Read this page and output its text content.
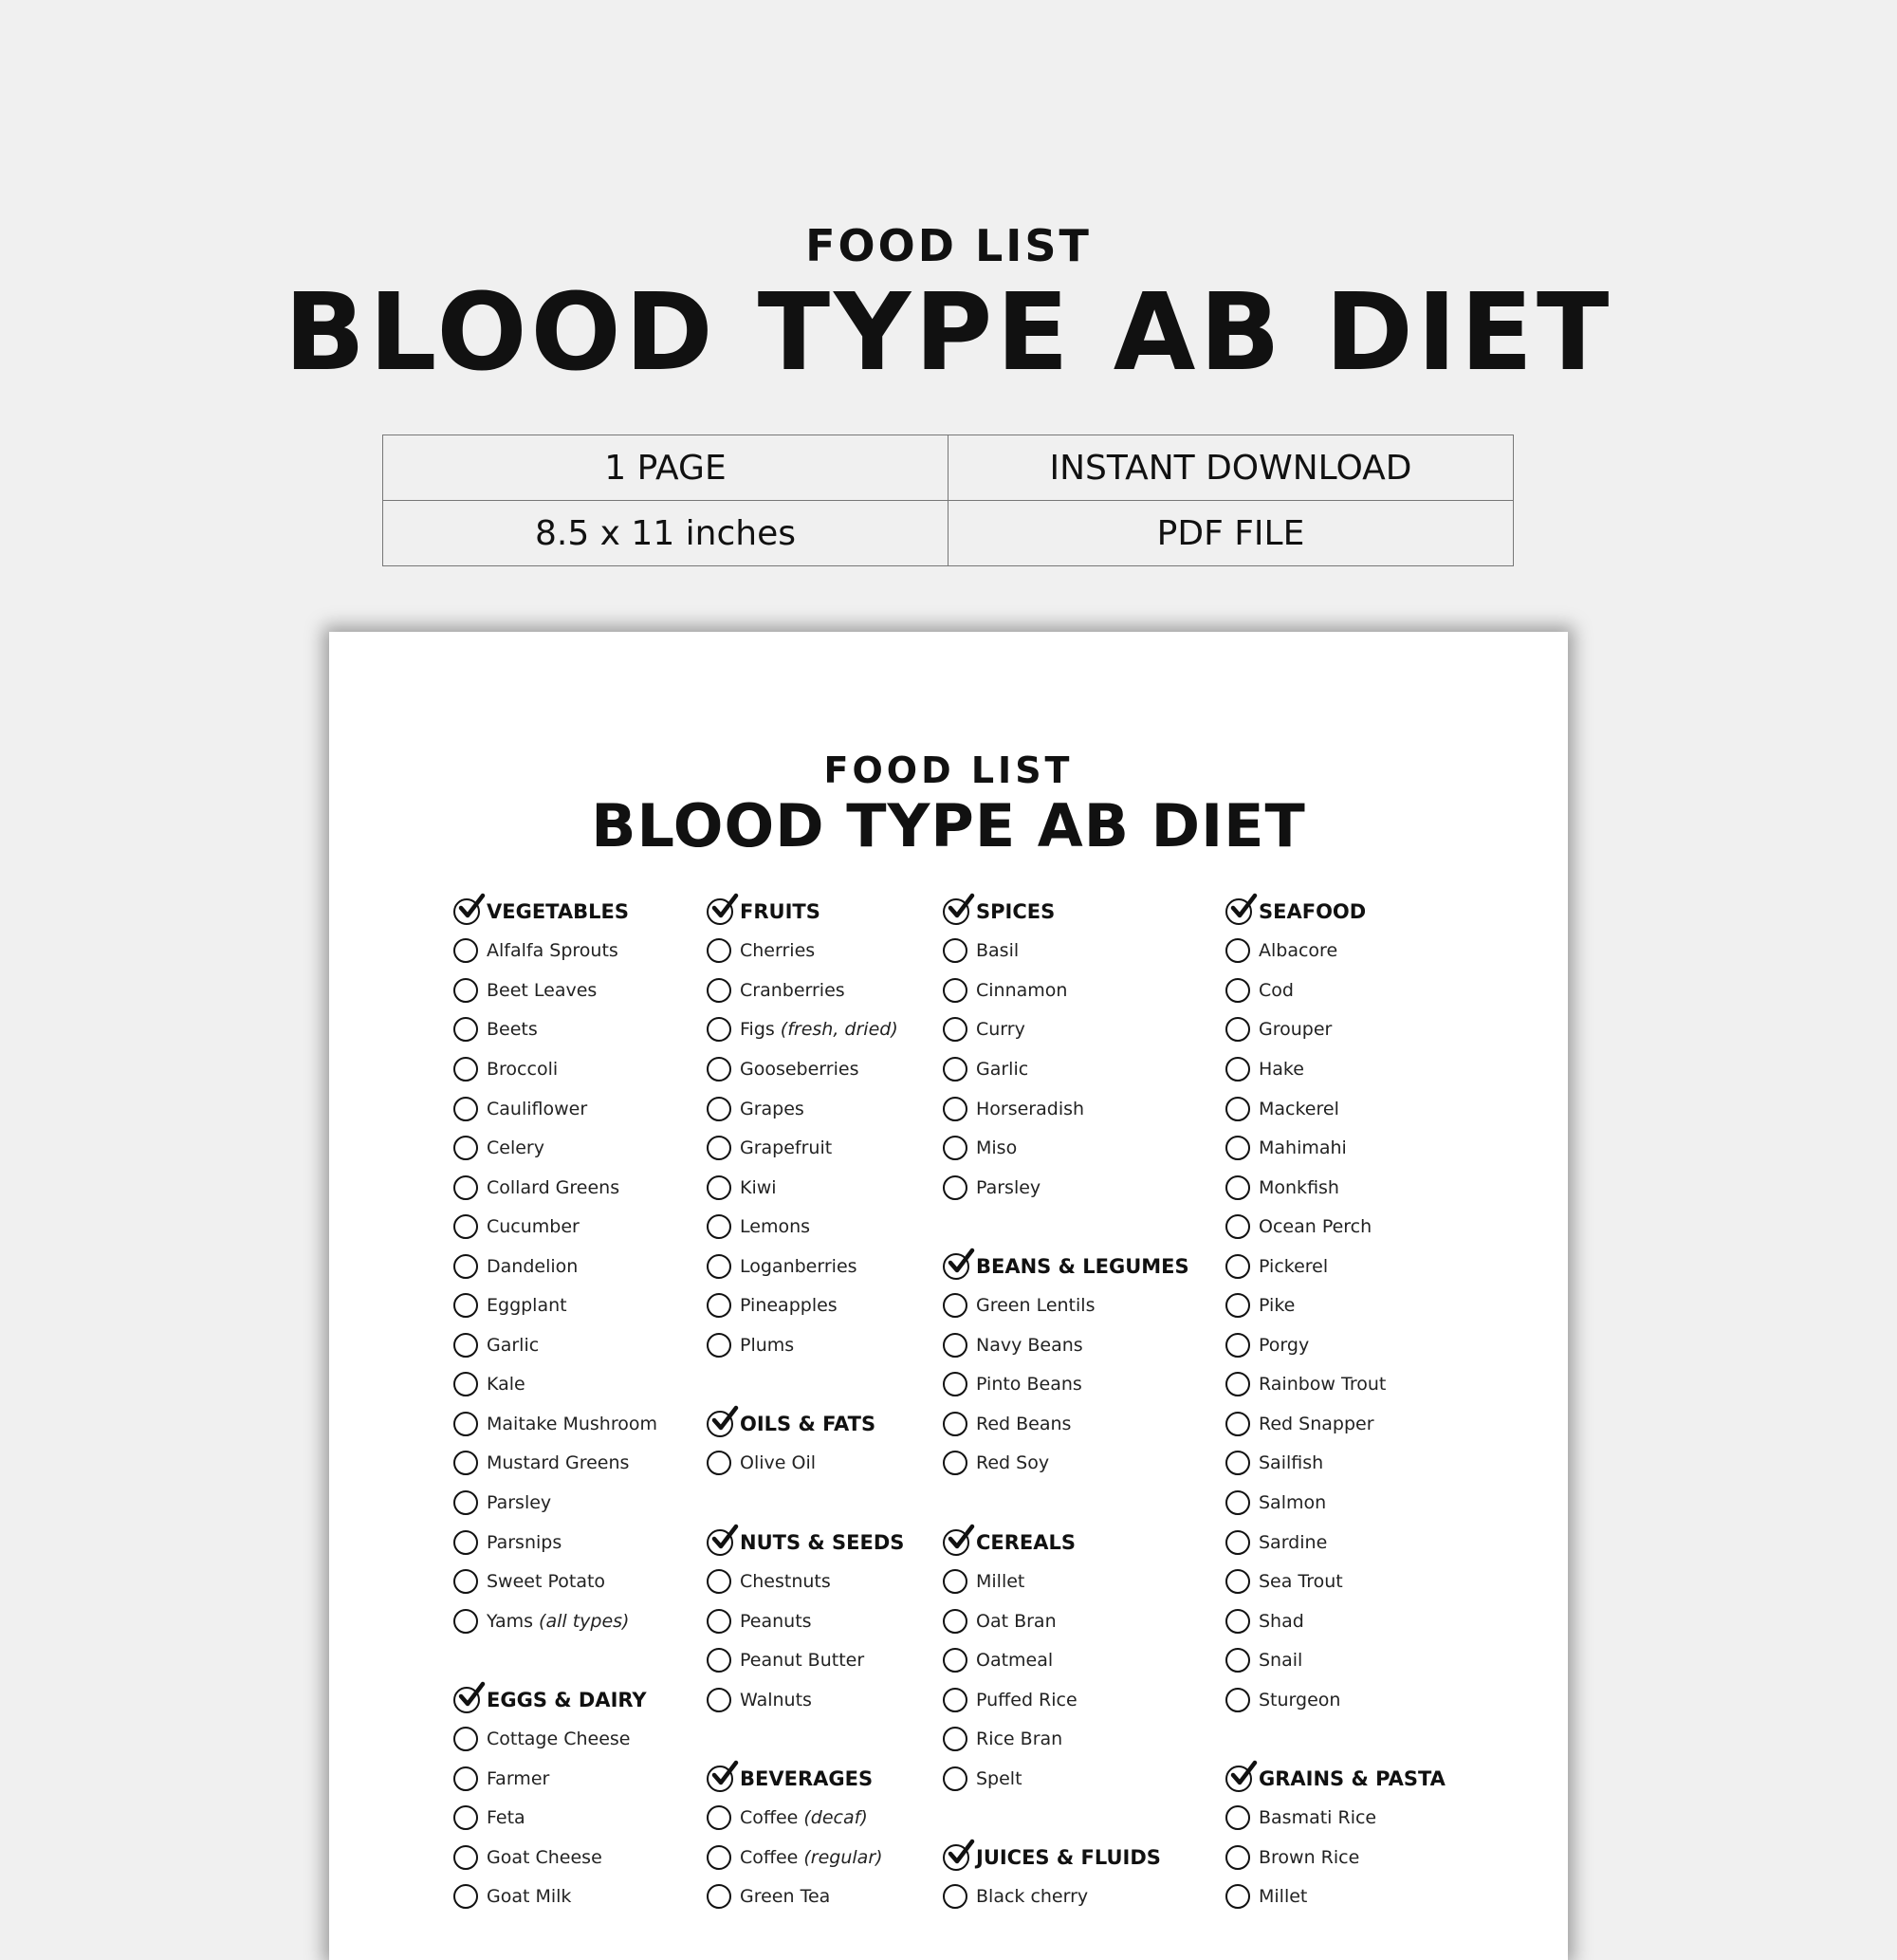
FOOD LIST
BLOOD TYPE AB DIET
1 PAGE	INSTANT DOWNLOAD
8.5 x 11 inches	PDF FILE
FOOD LIST
BLOOD TYPE AB DIET
VEGETABLES
Alfalfa Sprouts
Beet Leaves
Beets
Broccoli
Cauliflower
Celery
Collard Greens
Cucumber
Dandelion
Eggplant
Garlic
Kale
Maitake Mushroom
Mustard Greens
Parsley
Parsnips
Sweet Potato
Yams (all types)
EGGS & DAIRY
Cottage Cheese
Farmer
Feta
Goat Cheese
Goat Milk
FRUITS
Cherries
Cranberries
Figs (fresh, dried)
Gooseberries
Grapes
Grapefruit
Kiwi
Lemons
Loganberries
Pineapples
Plums
OILS & FATS
Olive Oil
NUTS & SEEDS
Chestnuts
Peanuts
Peanut Butter
Walnuts
BEVERAGES
Coffee (decaf)
Coffee (regular)
Green Tea
SPICES
Basil
Cinnamon
Curry
Garlic
Horseradish
Miso
Parsley
BEANS & LEGUMES
Green Lentils
Navy Beans
Pinto Beans
Red Beans
Red Soy
CEREALS
Millet
Oat Bran
Oatmeal
Puffed Rice
Rice Bran
Spelt
JUICES & FLUIDS
Black cherry
SEAFOOD
Albacore
Cod
Grouper
Hake
Mackerel
Mahimahi
Monkfish
Ocean Perch
Pickerel
Pike
Porgy
Rainbow Trout
Red Snapper
Sailfish
Salmon
Sardine
Sea Trout
Shad
Snail
Sturgeon
GRAINS & PASTA
Basmati Rice
Brown Rice
Millet
